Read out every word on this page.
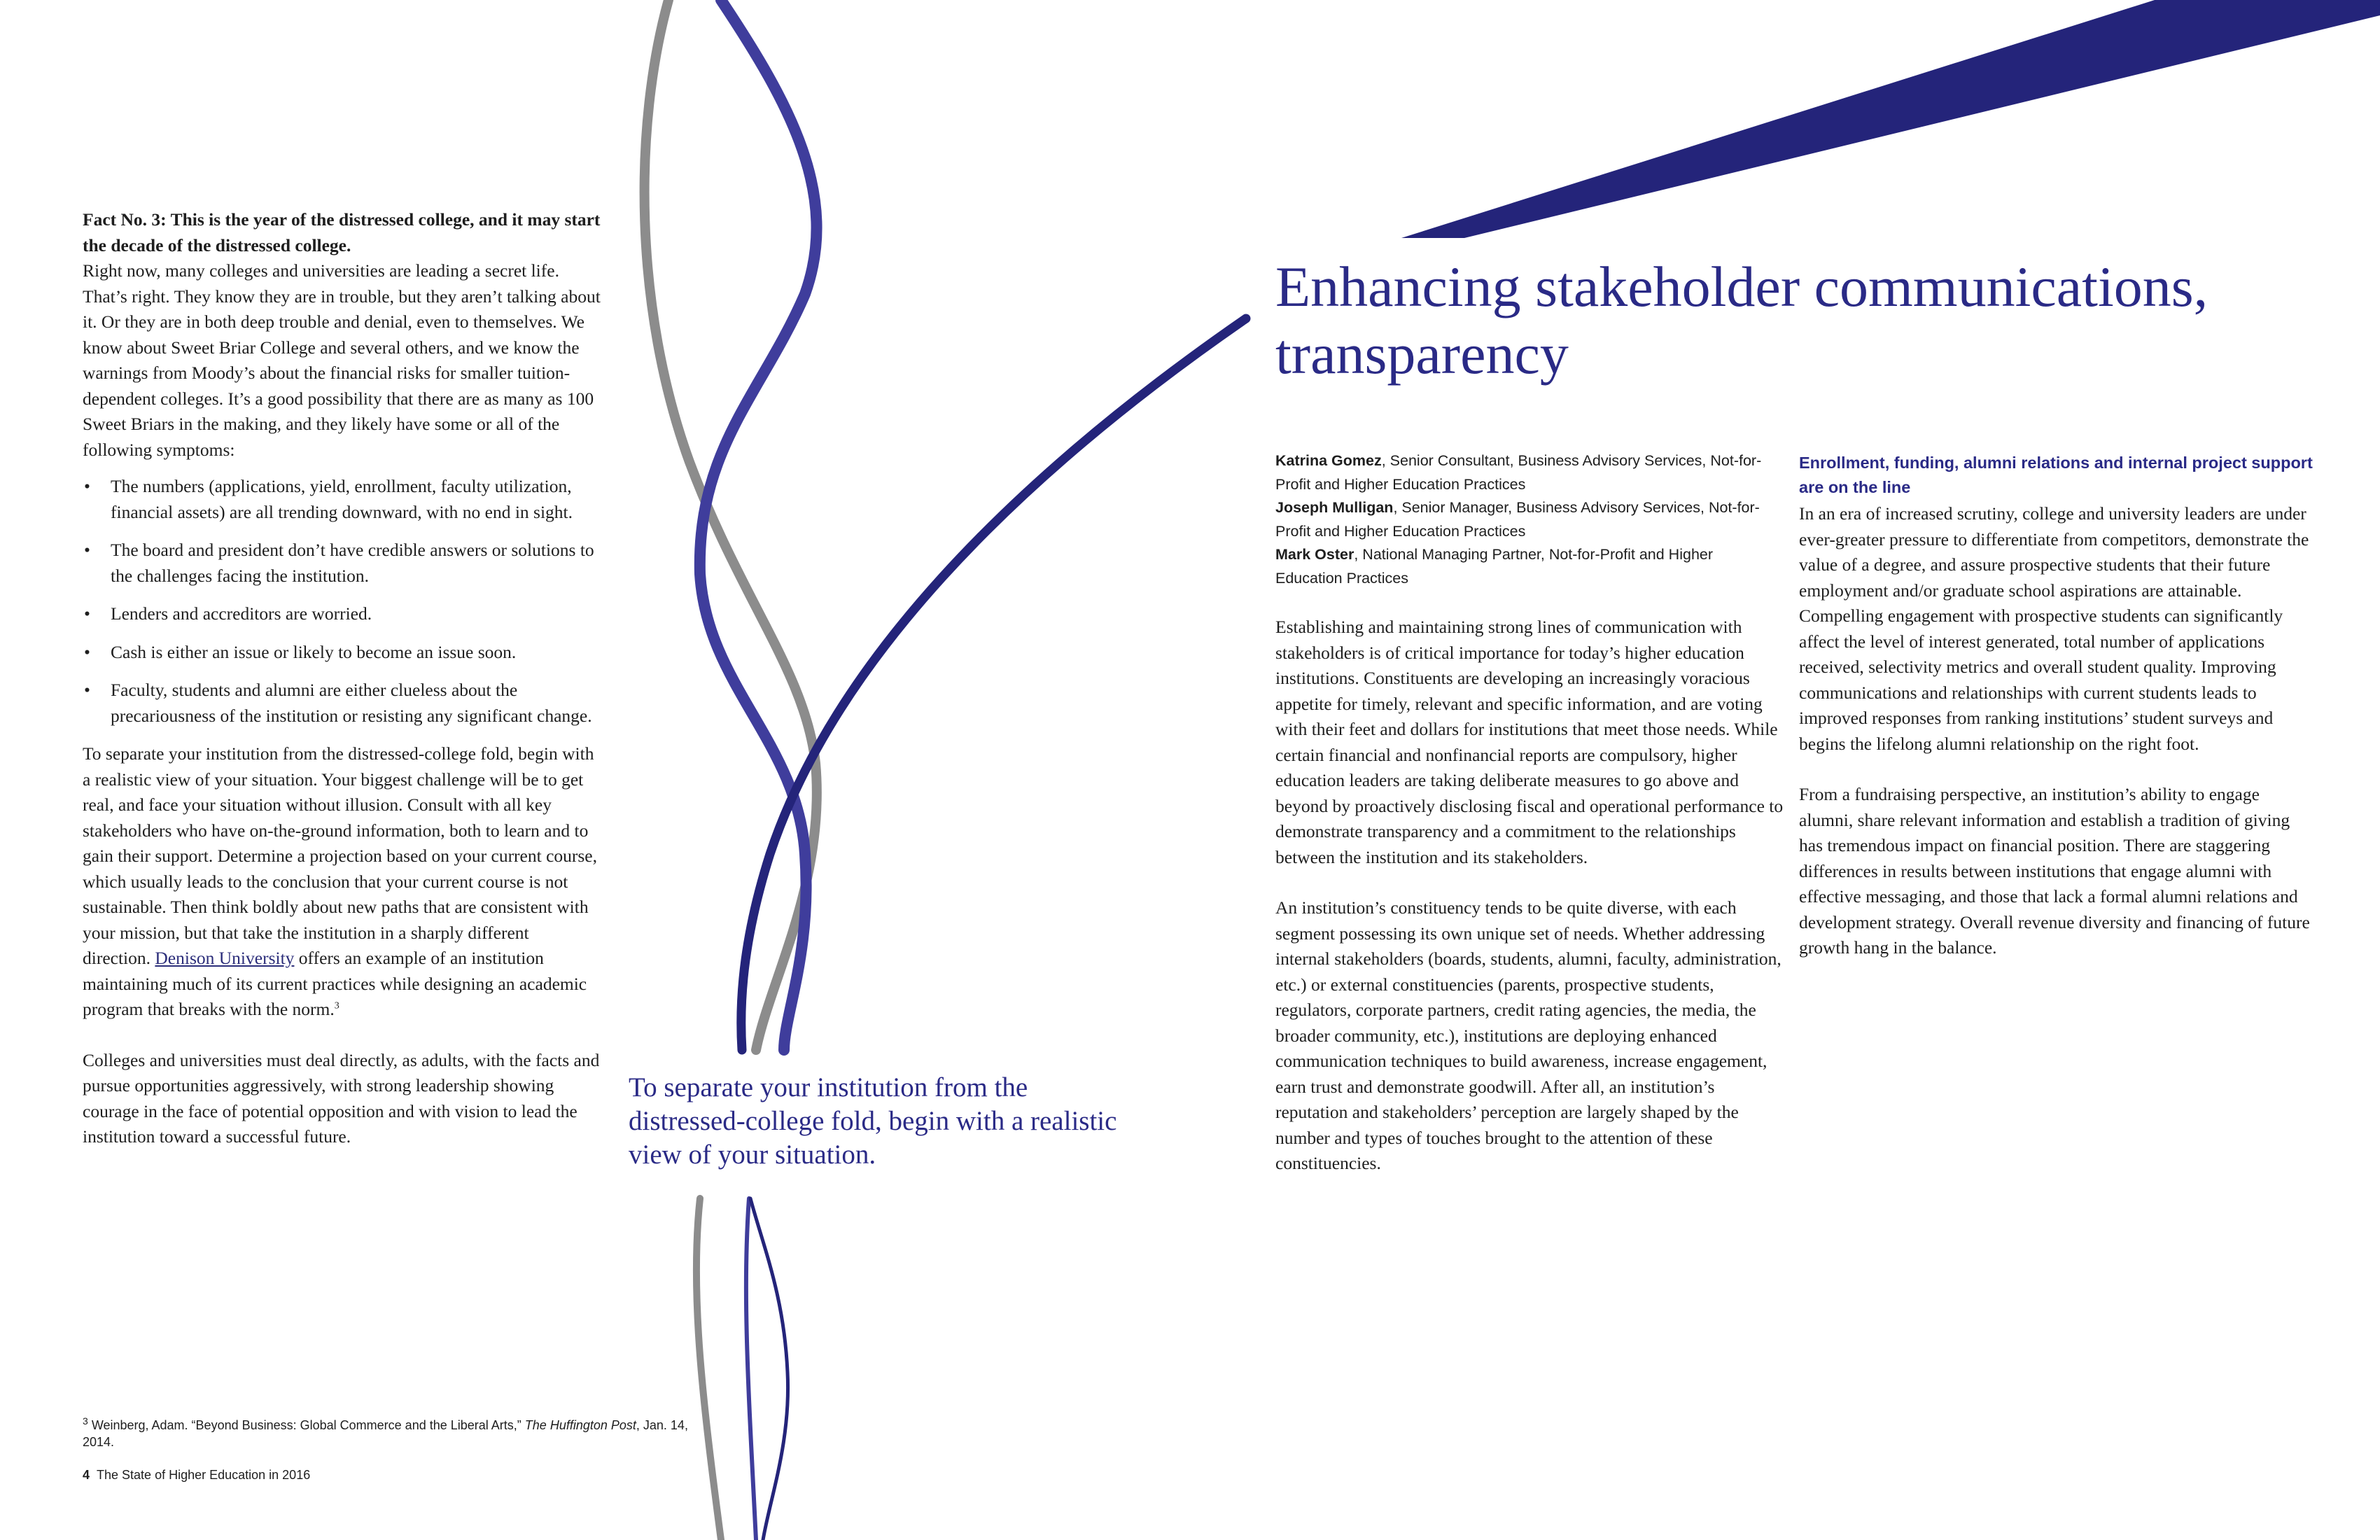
Fact No. 3: This is the year of the distressed college, and it may start the decade of the distressed college.

Right now, many colleges and universities are leading a secret life. That’s right. They know they are in trouble, but they aren’t talking about it. Or they are in both deep trouble and denial, even to themselves. We know about Sweet Briar College and several others, and we know the warnings from Moody’s about the financial risks for smaller tuition-dependent colleges. It’s a good possibility that there are as many as 100 Sweet Briars in the making, and they likely have some or all of the following symptoms:

• The numbers (applications, yield, enrollment, faculty utilization, financial assets) are all trending downward, with no end in sight.
• The board and president don’t have credible answers or solutions to the challenges facing the institution.
• Lenders and accreditors are worried.
• Cash is either an issue or likely to become an issue soon.
• Faculty, students and alumni are either clueless about the precariousness of the institution or resisting any significant change.

To separate your institution from the distressed-college fold, begin with a realistic view of your situation. Your biggest challenge will be to get real, and face your situation without illusion. Consult with all key stakeholders who have on-the-ground information, both to learn and to gain their support. Determine a projection based on your current course, which usually leads to the conclusion that your current course is not sustainable. Then think boldly about new paths that are consistent with your mission, but that take the institution in a sharply different direction. Denison University offers an example of an institution maintaining much of its current practices while designing an academic program that breaks with the norm.$^3$

Colleges and universities must deal directly, as adults, with the facts and pursue opportunities aggressively, with strong leadership showing courage in the face of potential opposition and with vision to lead the institution toward a successful future.

To separate your institution from the distressed-college fold, begin with a realistic view of your situation.
$^3$ Weinberg, Adam. “Beyond Business: Global Commerce and the Liberal Arts,” The Huffington Post, Jan. 14, 2014.
4 The State of Higher Education in 2016
Enhancing stakeholder communications,
transparency
Katrina Gomez, Senior Consultant, Business Advisory Services, Not-for-Profit and Higher Education Practices
Joseph Mulligan, Senior Manager, Business Advisory Services, Not-for-Profit and Higher Education Practices
Mark Oster, National Managing Partner, Not-for-Profit and Higher Education Practices

Establishing and maintaining strong lines of communication with stakeholders is of critical importance for today’s higher education institutions. Constituents are developing an increasingly voracious appetite for timely, relevant and specific information, and are voting with their feet and dollars for institutions that meet those needs. While certain financial and nonfinancial reports are compulsory, higher education leaders are taking deliberate measures to go above and beyond by proactively disclosing fiscal and operational performance to demonstrate transparency and a commitment to the relationships between the institution and its stakeholders.

An institution’s constituency tends to be quite diverse, with each segment possessing its own unique set of needs. Whether addressing internal stakeholders (boards, students, alumni, faculty, administration, etc.) or external constituencies (parents, prospective students, regulators, corporate partners, credit rating agencies, the media, the broader community, etc.), institutions are deploying enhanced communication techniques to build awareness, increase engagement, earn trust and demonstrate goodwill. After all, an institution’s reputation and stakeholders’ perception are largely shaped by the number and types of touches brought to the attention of these constituencies.

Enrollment, funding, alumni relations and internal project support are on the line

In an era of increased scrutiny, college and university leaders are under ever-greater pressure to differentiate from competitors, demonstrate the value of a degree, and assure prospective students that their future employment and/or graduate school aspirations are attainable. Compelling engagement with prospective students can significantly affect the level of interest generated, total number of applications received, selectivity metrics and overall student quality. Improving communications and relationships with current students leads to improved responses from ranking institutions’ student surveys and begins the lifelong alumni relationship on the right foot.

From a fundraising perspective, an institution’s ability to engage alumni, share relevant information and establish a tradition of giving has tremendous impact on financial position. There are staggering differences in results between institutions that engage alumni with effective messaging, and those that lack a formal alumni relations and development strategy. Overall revenue diversity and financing of future growth hang in the balance.
